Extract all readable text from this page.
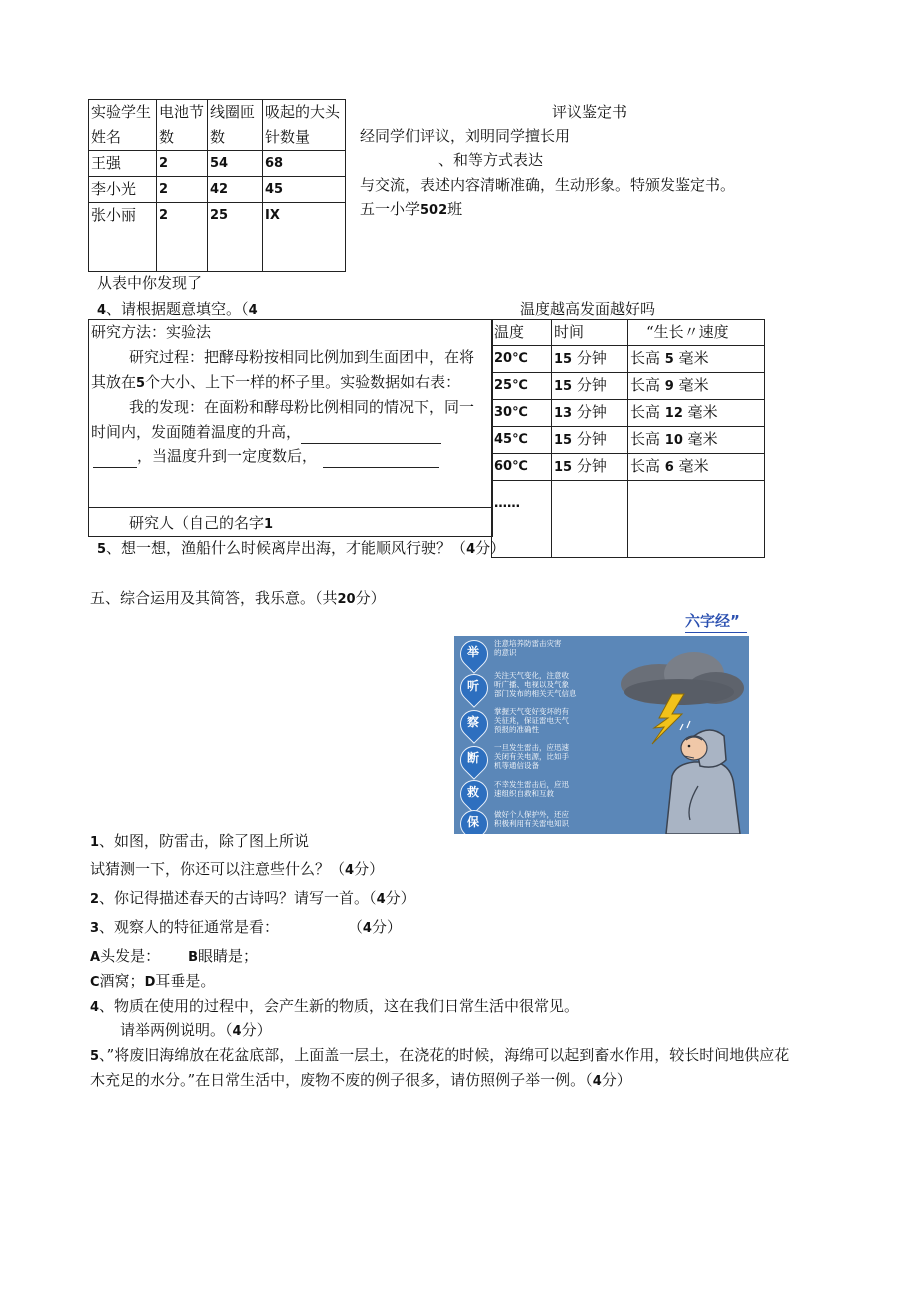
实验学生姓名	电池节数	线圈匝数	吸起的大头针数量
王强	2	54	68
李小光	2	42	45
张小丽	2	25	IX
评议鉴定书
经同学们评议，刘明同学擅长用
、和等方式表达
与交流，表述内容清晰准确，生动形象。特颁发鉴定书。
五一小学502班
从表中你发现了
4、请根据题意填空。（4	温度越高发面越好吗
研究方法：实验法
研究过程：把酵母粉按相同比例加到生面团中，在将
其放在5个大小、上下一样的杯子里。实验数据如右表：
我的发现：在面粉和酵母粉比例相同的情况下，同一
时间内，发面随着温度的升高，
，当温度升到一定度数后，
研究人（自己的名字1
温度	时间	“生长〃速度
20℃	15 分钟	长高 5 毫米
25℃	15 分钟	长高 9 毫米
30℃	13 分钟	长高 12 毫米
45℃	15 分钟	长高 10 毫米
60℃	15 分钟	长高 6 毫米
……		
5、想一想，渔船什么时候离岸出海，才能顺风行驶？（4分）
五、综合运用及其简答，我乐意。（共20分）
六字经”
举
注意培养防雷击灾害
的意识
听
关注天气变化，注意收
听广播、电视以及气象
部门发布的相关天气信息
察
掌握天气变好变坏的有
关征兆，保证雷电天气
预报的准确性
断
一旦发生雷击，应迅速
关闭有关电源，比如手
机等通信设备
救
不幸发生雷击后，应迅
速组织自救和互救
保
做好个人保护外，还应
积极利用有关雷电知识
1、如图，防雷击，除了图上所说
试猜测一下，你还可以注意些什么？（4分）
2、你记得描述春天的古诗吗？请写一首。（4分）
3、观察人的特征通常是看：	（4分）
A头发是： B眼睛是；
C酒窝；D耳垂是。
4、物质在使用的过程中，会产生新的物质，这在我们日常生活中很常见。
请举两例说明。（4分）
5、”将废旧海绵放在花盆底部，上面盖一层土，在浇花的时候，海绵可以起到畜水作用，较长时间地供应花
木充足的水分。”在日常生活中，废物不废的例子很多，请仿照例子举一例。（4分）
